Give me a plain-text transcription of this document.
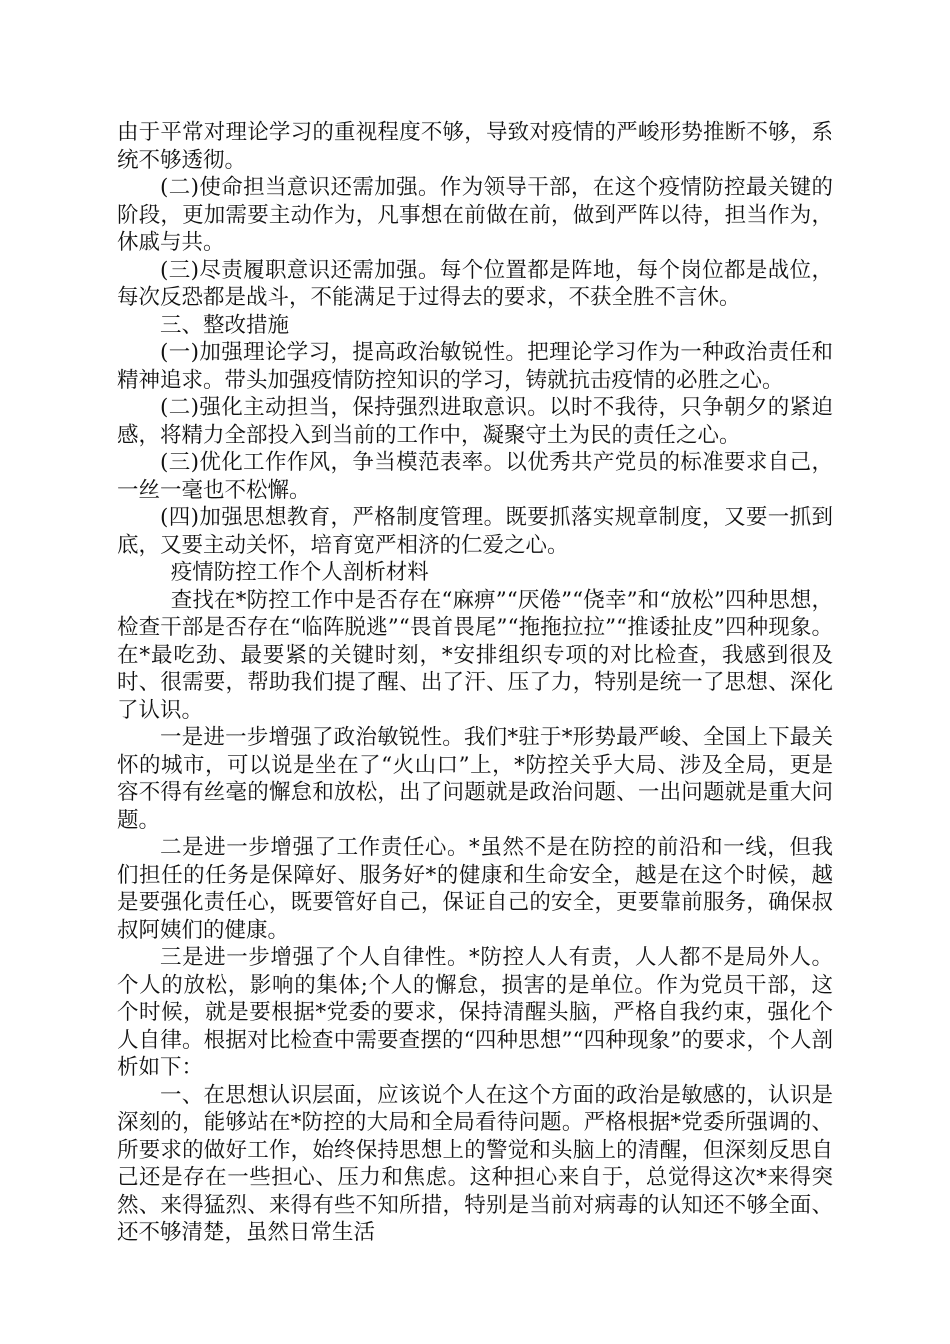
由于平常对理论学习的重视程度不够，导致对疫情的严峻形势推断不够，系统不够透彻。

(二)使命担当意识还需加强。作为领导干部，在这个疫情防控最关键的阶段，更加需要主动作为，凡事想在前做在前，做到严阵以待，担当作为，休戚与共。

(三)尽责履职意识还需加强。每个位置都是阵地，每个岗位都是战位，每次反恐都是战斗，不能满足于过得去的要求，不获全胜不言休。

三、整改措施

(一)加强理论学习，提高政治敏锐性。把理论学习作为一种政治责任和精神追求。带头加强疫情防控知识的学习，铸就抗击疫情的必胜之心。

(二)强化主动担当，保持强烈进取意识。以时不我待，只争朝夕的紧迫感，将精力全部投入到当前的工作中，凝聚守土为民的责任之心。

(三)优化工作作风，争当模范表率。以优秀共产党员的标准要求自己，一丝一毫也不松懈。

(四)加强思想教育，严格制度管理。既要抓落实规章制度，又要一抓到底，又要主动关怀，培育宽严相济的仁爱之心。

疫情防控工作个人剖析材料

查找在*防控工作中是否存在“麻痹”“厌倦”“侥幸”和“放松”四种思想，检查干部是否存在“临阵脱逃”“畏首畏尾”“拖拖拉拉”“推诿扯皮”四种现象。在*最吃劲、最要紧的关键时刻，*安排组织专项的对比检查，我感到很及时、很需要，帮助我们提了醒、出了汗、压了力，特别是统一了思想、深化了认识。

一是进一步增强了政治敏锐性。我们*驻于*形势最严峻、全国上下最关怀的城市，可以说是坐在了“火山口”上，*防控关乎大局、涉及全局，更是容不得有丝毫的懈怠和放松，出了问题就是政治问题、一出问题就是重大问题。

二是进一步增强了工作责任心。*虽然不是在防控的前沿和一线，但我们担任的任务是保障好、服务好*的健康和生命安全，越是在这个时候，越是要强化责任心，既要管好自己，保证自己的安全，更要靠前服务，确保叔叔阿姨们的健康。

三是进一步增强了个人自律性。*防控人人有责，人人都不是局外人。个人的放松，影响的集体;个人的懈怠，损害的是单位。作为党员干部，这个时候，就是要根据*党委的要求，保持清醒头脑，严格自我约束，强化个人自律。根据对比检查中需要查摆的“四种思想”“四种现象”的要求，个人剖析如下：

一、在思想认识层面，应该说个人在这个方面的政治是敏感的，认识是深刻的，能够站在*防控的大局和全局看待问题。严格根据*党委所强调的、所要求的做好工作，始终保持思想上的警觉和头脑上的清醒，但深刻反思自己还是存在一些担心、压力和焦虑。这种担心来自于，总觉得这次*来得突然、来得猛烈、来得有些不知所措，特别是当前对病毒的认知还不够全面、还不够清楚，虽然日常生活
